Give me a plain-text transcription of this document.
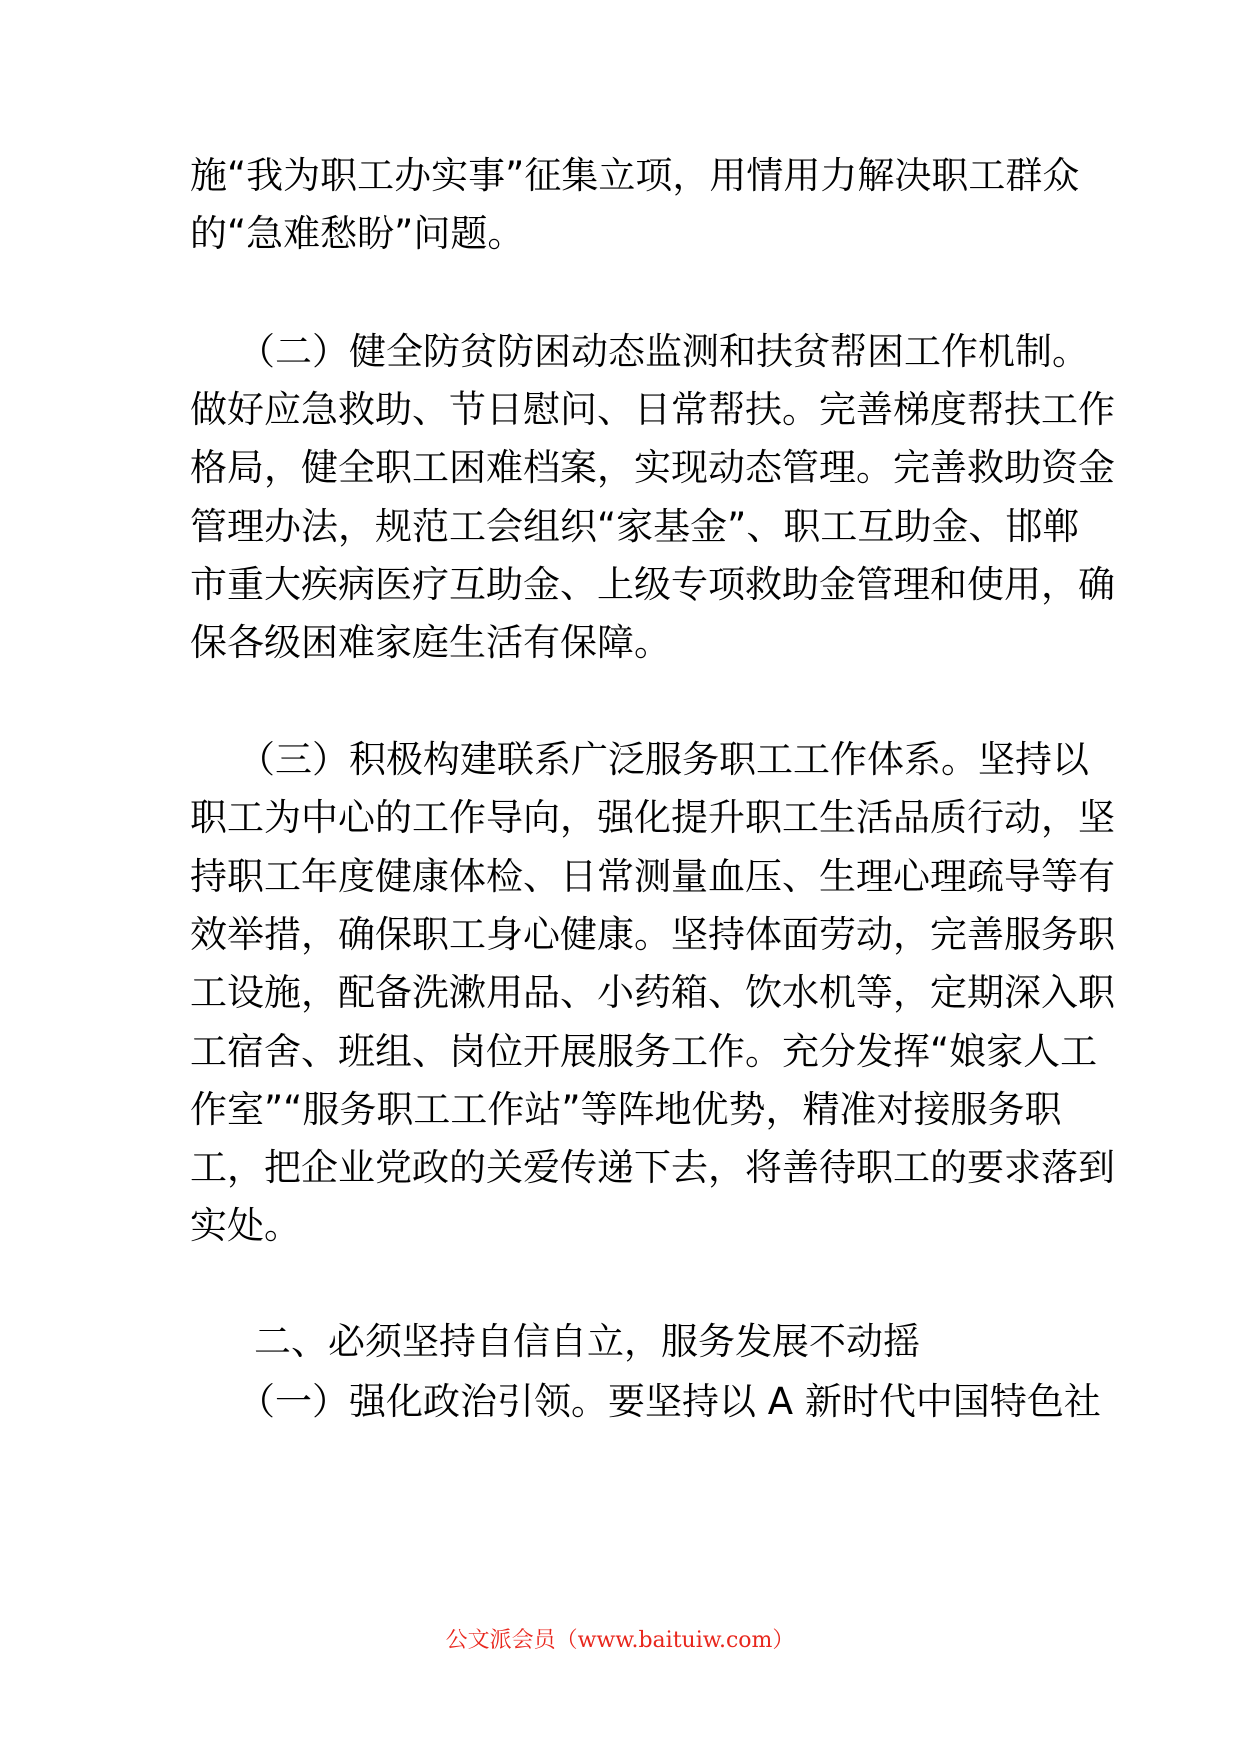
施“我为职工办实事”征集立项，用情用力解决职工群众

的“急难愁盼”问题。

（二）健全防贫防困动态监测和扶贫帮困工作机制。

做好应急救助、节日慰问、日常帮扶。完善梯度帮扶工作

格局，健全职工困难档案，实现动态管理。完善救助资金

管理办法，规范工会组织“家基金”、职工互助金、邯郸

市重大疾病医疗互助金、上级专项救助金管理和使用，确

保各级困难家庭生活有保障。

（三）积极构建联系广泛服务职工工作体系。坚持以

职工为中心的工作导向，强化提升职工生活品质行动，坚

持职工年度健康体检、日常测量血压、生理心理疏导等有

效举措，确保职工身心健康。坚持体面劳动，完善服务职

工设施，配备洗漱用品、小药箱、饮水机等，定期深入职

工宿舍、班组、岗位开展服务工作。充分发挥“娘家人工

作室”“服务职工工作站”等阵地优势，精准对接服务职

工，把企业党政的关爱传递下去，将善待职工的要求落到

实处。

二、必须坚持自信自立，服务发展不动摇

（一）强化政治引领。要坚持以 A 新时代中国特色社

公文派会员（www.baituiw.com）
